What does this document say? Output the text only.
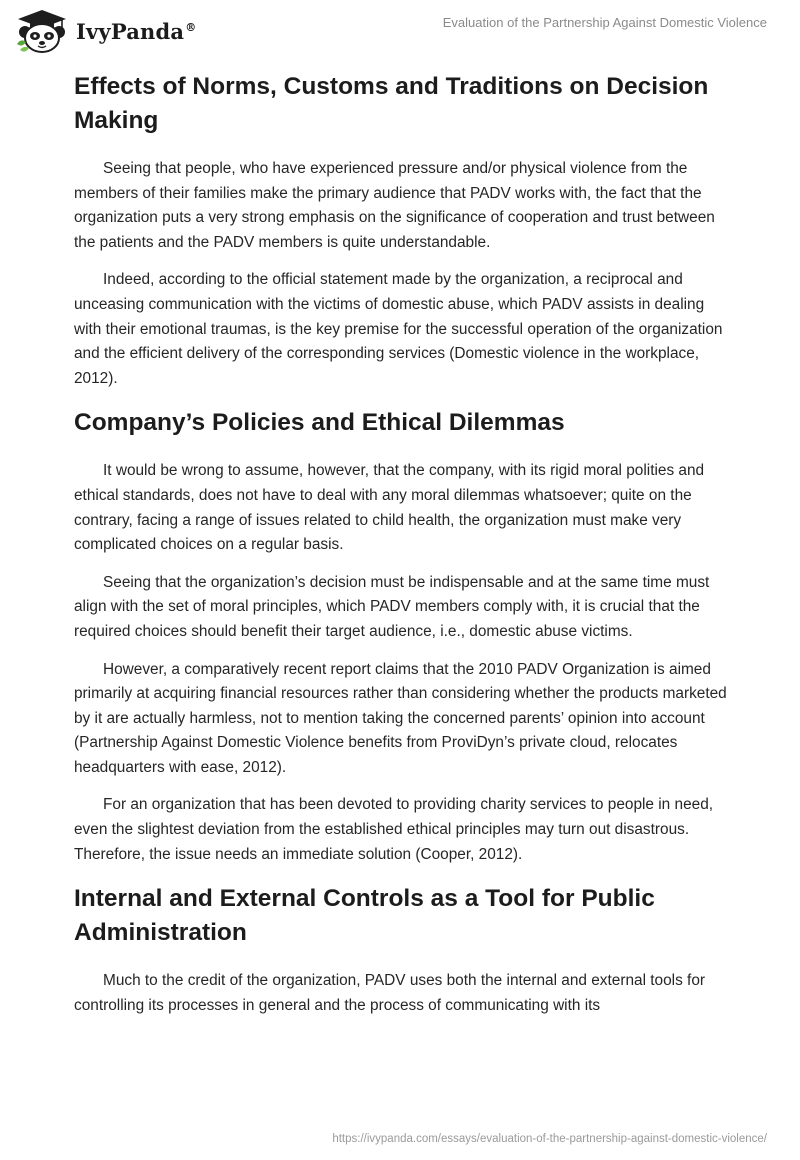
IvyPanda®	Evaluation of the Partnership Against Domestic Violence
Effects of Norms, Customs and Traditions on Decision Making

Seeing that people, who have experienced pressure and/or physical violence from the members of their families make the primary audience that PADV works with, the fact that the organization puts a very strong emphasis on the significance of cooperation and trust between the patients and the PADV members is quite understandable.

Indeed, according to the official statement made by the organization, a reciprocal and unceasing communication with the victims of domestic abuse, which PADV assists in dealing with their emotional traumas, is the key premise for the successful operation of the organization and the efficient delivery of the corresponding services (Domestic violence in the workplace, 2012).

Company’s Policies and Ethical Dilemmas

It would be wrong to assume, however, that the company, with its rigid moral polities and ethical standards, does not have to deal with any moral dilemmas whatsoever; quite on the contrary, facing a range of issues related to child health, the organization must make very complicated choices on a regular basis.

Seeing that the organization’s decision must be indispensable and at the same time must align with the set of moral principles, which PADV members comply with, it is crucial that the required choices should benefit their target audience, i.e., domestic abuse victims.

However, a comparatively recent report claims that the 2010 PADV Organization is aimed primarily at acquiring financial resources rather than considering whether the products marketed by it are actually harmless, not to mention taking the concerned parents’ opinion into account (Partnership Against Domestic Violence benefits from ProviDyn’s private cloud, relocates headquarters with ease, 2012).

For an organization that has been devoted to providing charity services to people in need, even the slightest deviation from the established ethical principles may turn out disastrous. Therefore, the issue needs an immediate solution (Cooper, 2012).

Internal and External Controls as a Tool for Public Administration

Much to the credit of the organization, PADV uses both the internal and external tools for controlling its processes in general and the process of communicating with its

https://ivypanda.com/essays/evaluation-of-the-partnership-against-domestic-violence/
